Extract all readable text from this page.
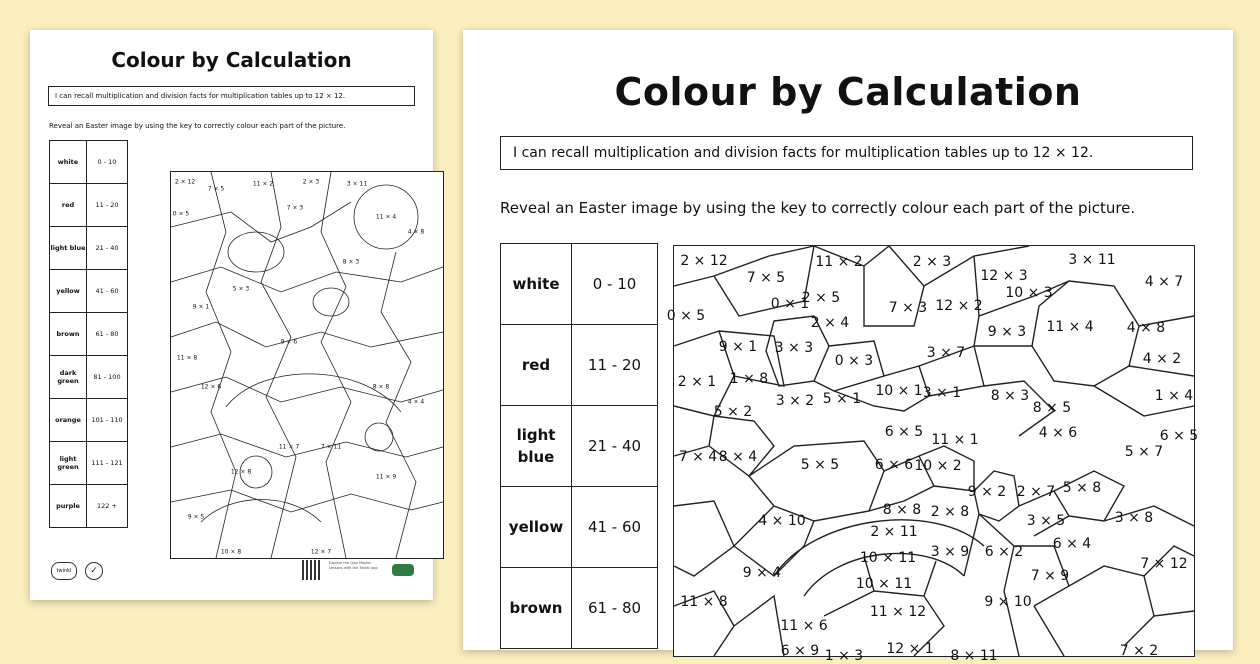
Colour by Calculation
I can recall multiplication and division facts for multiplication tables up to 12 × 12.
Reveal an Easter image by using the key to correctly colour each part of the picture.
white	0 - 10
red	11 - 20
light blue	21 - 40
yellow	41 - 60
brown	61 - 80
dark green	81 - 100
orange	101 - 110
light green	111 - 121
purple	122 +
2 × 12
7 × 5
11 × 2	2 × 3	3 × 11
0 × 5
7 × 3
11 × 4
4 × 8
5 × 3
9 × 1
8 × 3
11 × 8
12 × 6
9 × 6
8 × 8
11 × 7	7 × 11
12 × 8
9 × 5
11 × 9
10 × 8	12 × 7
4 × 4
twinkl	✓
Explore the Quiz Master Lessons with the Twinkl app
Colour by Calculation
I can recall multiplication and division facts for multiplication tables up to 12 × 12.
Reveal an Easter image by using the key to correctly colour each part of the picture.
white	0 - 10
red	11 - 20
light blue	21 - 40
yellow	41 - 60
brown	61 - 80
2 × 12
7 × 5
11 × 2	2 × 3	3 × 11
4 × 7
12 × 3
10 × 3
12 × 2
0 × 5
0 × 1
2 × 5
2 × 4
7 × 3
9 × 3 11 × 4 4 × 8
9 × 1 3 × 3
0 × 3	3 × 7
2 × 1 1 × 8
3 × 2 5 × 1 10 × 1 3 × 1 8 × 3
8 × 5
5 × 2
6 × 5 11 × 1	4 × 6
7 × 4 8 × 4	5 × 5	6 × 6 10 × 2
5 × 7
9 × 2 2 × 7 5 × 8
4 × 10
8 × 8 2 × 8
3 × 5
2 × 11
3 × 9 6 × 2 6 × 4
3 × 8
9 × 4
10 × 11
10 × 11
11 × 12
7 × 9
11 × 8
12 × 1
9 × 10
11 × 6
6 × 9
7 × 12
4 × 2
1 × 4
6 × 5
1 × 3	8 × 11	7 × 2
